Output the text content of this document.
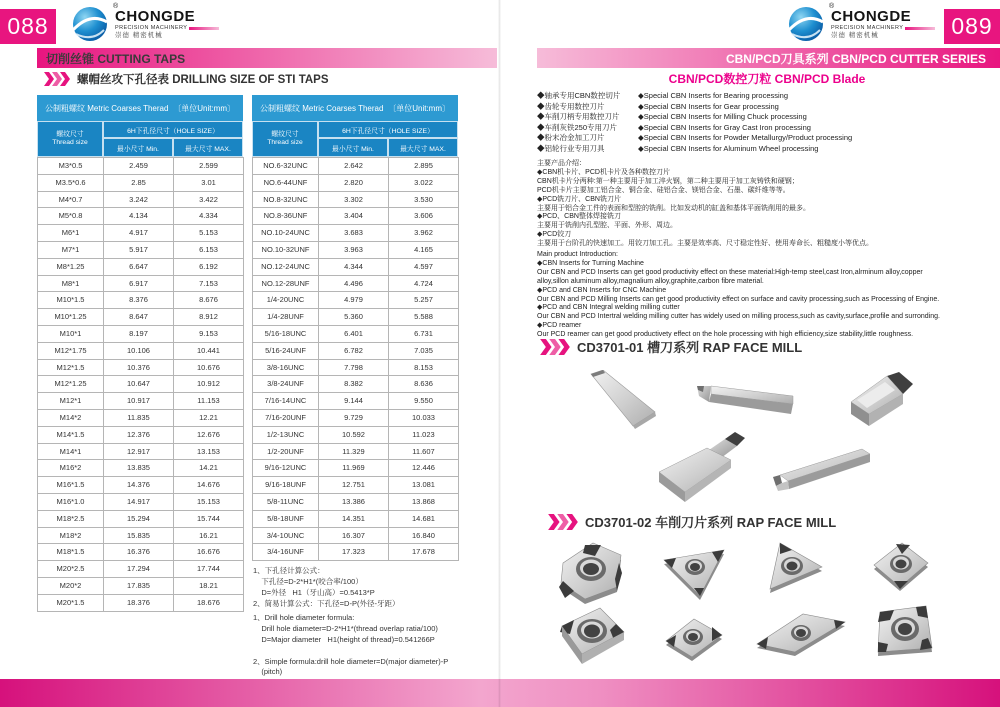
088
®
CHONGDE
PRECISION MACHINERY
崇德 精密机械
切削丝锥 CUTTING TAPS
螺帽丝攻下孔径表 DRILLING SIZE OF STI TAPS
公制粗螺纹 Metric Coarses Therad 〔单位Unit:mm〕
螺纹尺寸
Thread size
6H下孔径尺寸（HOLE SIZE）
最小尺寸 Min.	最大尺寸 MAX.
M3*0.5	2.459	2.599
M3.5*0.6	2.85	3.01
M4*0.7	3.242	3.422
M5*0.8	4.134	4.334
M6*1	4.917	5.153
M7*1	5.917	6.153
M8*1.25	6.647	6.192
M8*1	6.917	7.153
M10*1.5	8.376	8.676
M10*1.25	8.647	8.912
M10*1	8.197	9.153
M12*1.75	10.106	10.441
M12*1.5	10.376	10.676
M12*1.25	10.647	10.912
M12*1	10.917	11.153
M14*2	11.835	12.21
M14*1.5	12.376	12.676
M14*1	12.917	13.153
M16*2	13.835	14.21
M16*1.5	14.376	14.676
M16*1.0	14.917	15.153
M18*2.5	15.294	15.744
M18*2	15.835	16.21
M18*1.5	16.376	16.676
M20*2.5	17.294	17.744
M20*2	17.835	18.21
M20*1.5	18.376	18.676
公制粗螺纹 Metric Coarses Therad 〔单位Unit:mm〕
螺纹尺寸
Thread size
6H下孔径尺寸（HOLE SIZE）
最小尺寸 Min.	最大尺寸 MAX.
NO.6-32UNC	2.642	2.895
NO.6-44UNF	2.820	3.022
NO.8-32UNC	3.302	3.530
NO.8-36UNF	3.404	3.606
NO.10-24UNC	3.683	3.962
NO.10-32UNF	3.963	4.165
NO.12-24UNC	4.344	4.597
NO.12-28UNF	4.496	4.724
1/4-20UNC	4.979	5.257
1/4-28UNF	5.360	5.588
5/16-18UNC	6.401	6.731
5/16-24UNF	6.782	7.035
3/8-16UNC	7.798	8.153
3/8-24UNF	8.382	8.636
7/16-14UNC	9.144	9.550
7/16-20UNF	9.729	10.033
1/2-13UNC	10.592	11.023
1/2-20UNF	11.329	11.607
9/16-12UNC	11.969	12.446
9/16-18UNF	12.751	13.081
5/8-11UNC	13.386	13.868
5/8-18UNF	14.351	14.681
3/4-10UNC	16.307	16.840
3/4-16UNF	17.323	17.678
1、下孔径计算公式：
下孔径=D-2*H1*(咬合率/100）
D=外径   H1（牙山高）=0.5413*P
2、简易计算公式：下孔径=D-P(外径-牙距）
1、Drill hole diameter formula:
Drill hole diameter=D-2*H1*(thread overlap ratia/100)
D=Major diameter   H1(height of thread)=0.541266P

2、Simple formula:drill hole diameter=D(major diameter)-P
(pitch)
®
CHONGDE
PRECISION MACHINERY
崇德 精密机械	089
CBN/PCD刀具系列 CBN/PCD CUTTER SERIES
CBN/PCD数控刀粒 CBN/PCD Blade
◆轴承专用CBN数控切片
◆齿轮专用数控刀片
◆车削刀柄专用数控刀片
◆车削灰铁250专用刀片
◆粉末冶金加工刀片
◆铝轮行业专用刀具
◆Special CBN Inserts for Bearing processing
◆Special CBN Inserts for Gear processing
◆Special CBN Inserts for Milling Chuck processing
◆Special CBN Inserts for Gray Cast Iron processing
◆Special CBN Inserts for Powder Metallurgy/Product processing
◆Special CBN Inserts for Aluminum Wheel processing
主要产品介绍：
◆CBN机卡片、PCD机卡片及各种数控刀片
CBN机卡片分两种:第一种主要用于加工淬火钢，第二种主要用于加工灰铸铁和硬钢；
PCD机卡片主要加工铝合金、铜合金、硅铝合金、镁铝合金、石墨、碳纤维等等。
◆PCD铣刀片、CBN铣刀片
主要用于铝合金工件的表面和型腔的铣削。比如发动机的缸盖和基体平面铣削用的最多。
◆PCD、CBN整体焊接铣刀
主要用于铣削内孔型腔、平面、外形、周边。
◆PCD铰刀
主要用于台阶孔的快速加工。用铰刀加工孔。主要是效率高、尺寸稳定性好、使用寿命长、粗糙度小等优点。
Main product Introduction:
◆CBN Inserts for Turning Machine
Our CBN and PCD Inserts can get good productivity effect on these material:High-temp steel,cast Iron,alrminum alloy,copper
alloy,sillon aluminum alloy,magnalium alloy,graphite,carbon fibre material.
◆PCD and CBN Inserts for CNC Machine
Our CBN and PCD Milling Inserts can get good productivity effect on surface and cavity processing,such as Processing of Engine.
◆PCD and CBN Integral welding milling cutter
Our CBN and PCD Intertral welding milling cutter has widely used on milling process,such as cavity,surface,profile and surronding.
◆PCD reamer
Our PCD reamer can get good productivety effect on the hole processing with high efficiency,size stability,little roughness.
CD3701-01 槽刀系列 RAP FACE MILL
CD3701-02 车削刀片系列 RAP FACE MILL
